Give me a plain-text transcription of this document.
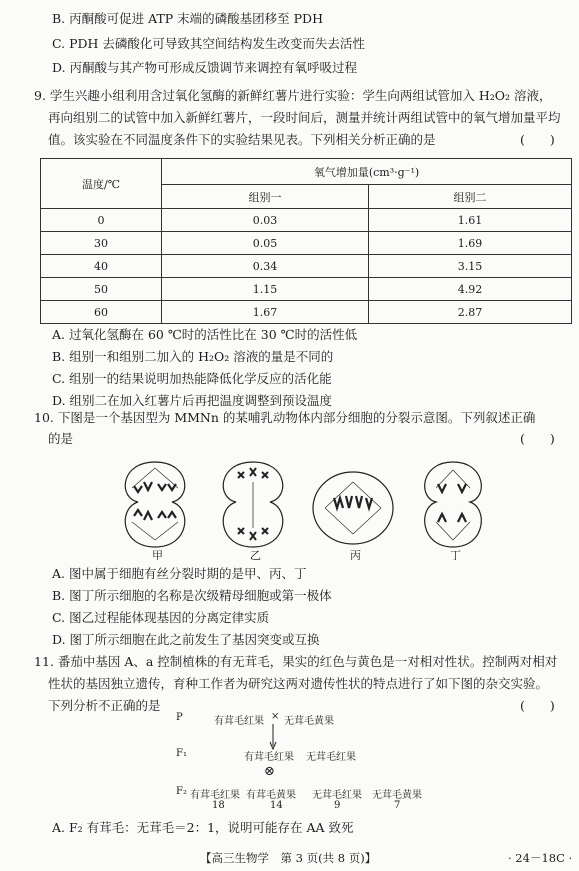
B. 丙酮酸可促进 ATP 末端的磷酸基团移至 PDH
C. PDH 去磷酸化可导致其空间结构发生改变而失去活性
D. 丙酮酸与其产物可形成反馈调节来调控有氧呼吸过程
9. 学生兴趣小组利用含过氧化氢酶的新鲜红薯片进行实验：学生向两组试管加入 H₂O₂ 溶液，
再向组别二的试管中加入新鲜红薯片，一段时间后，测量并统计两组试管中的氧气增加量平均
值。该实验在不同温度条件下的实验结果见表。下列相关分析正确的是	(　　)
温度/℃	氧气增加量(cm³·g⁻¹)	
	组别一	组别二
0	0.03	1.61
30	0.05	1.69
40	0.34	3.15
50	1.15	4.92
60	1.67	2.87
A. 过氧化氢酶在 60 ℃时的活性比在 30 ℃时的活性低
B. 组别一和组别二加入的 H₂O₂ 溶液的量是不同的
C. 组别一的结果说明加热能降低化学反应的活化能
D. 组别二在加入红薯片后再把温度调整到预设温度
10. 下图是一个基因型为 MMNn 的某哺乳动物体内部分细胞的分裂示意图。下列叙述正确
的是	(　　)
甲	乙	丙	丁
A. 图中属于细胞有丝分裂时期的是甲、丙、丁
B. 图丁所示细胞的名称是次级精母细胞或第一极体
C. 图乙过程能体现基因的分离定律实质
D. 图丁所示细胞在此之前发生了基因突变或互换
11. 番茄中基因 A、a 控制植株的有无茸毛，果实的红色与黄色是一对相对性状。控制两对相对
性状的基因独立遗传，育种工作者为研究这两对遗传性状的特点进行了如下图的杂交实验。
下列分析不正确的是	(　　)
P	有茸毛红果 × 无茸毛黄果
F₁	有茸毛红果 无茸毛红果
⊗
F₂ 有茸毛红果 有茸毛黄果 无茸毛红果 无茸毛黄果
18	14	9	7
A. F₂ 有茸毛：无茸毛＝2：1，说明可能存在 AA 致死
【高三生物学　第 3 页(共 8 页)】	· 24－18C ·
